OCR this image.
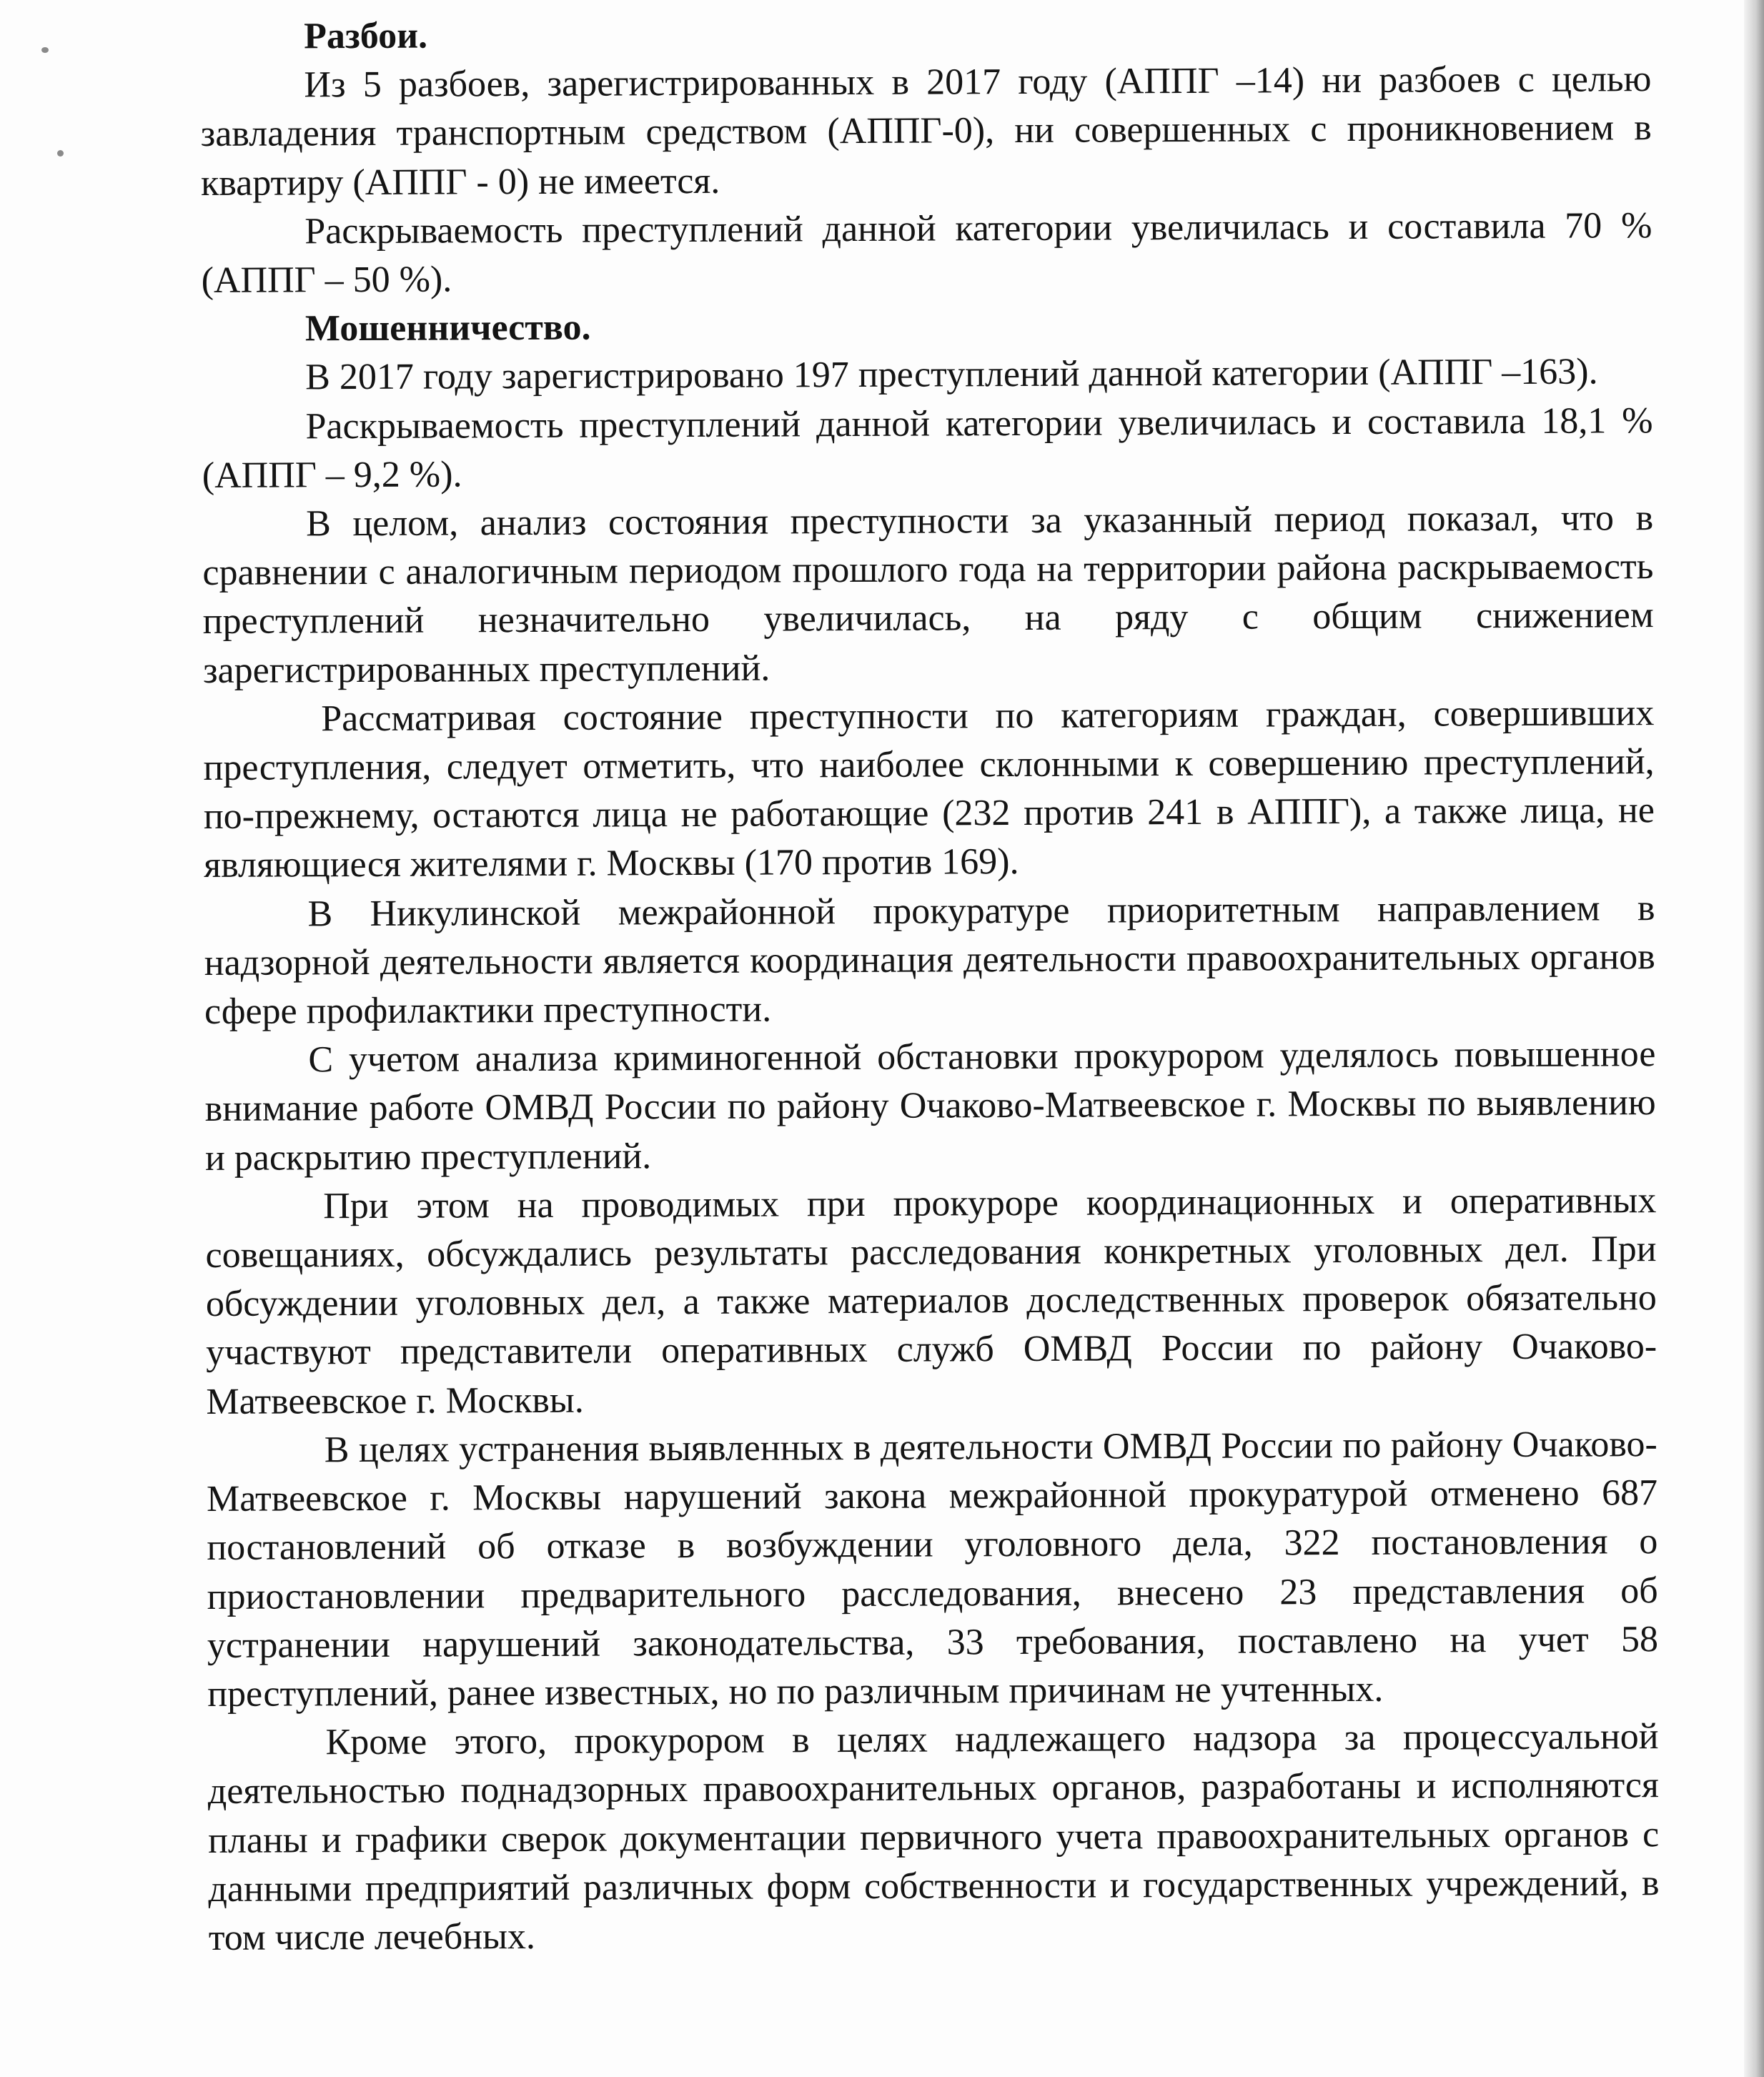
Разбои.

Из 5 разбоев, зарегистрированных в 2017 году (АППГ –14) ни разбоев с целью завладения транспортным средством (АППГ-0), ни совершенных с проникновением в квартиру (АППГ - 0) не имеется.

Раскрываемость преступлений данной категории увеличилась и составила 70 % (АППГ – 50 %).

Мошенничество.

В 2017 году зарегистрировано 197 преступлений данной категории (АППГ –163).

Раскрываемость преступлений данной категории увеличилась и составила 18,1 % (АППГ – 9,2 %).

В целом, анализ состояния преступности за указанный период показал, что в сравнении с аналогичным периодом прошлого года на территории района раскрываемость преступлений незначительно увеличилась, на ряду с общим снижением зарегистрированных преступлений.

Рассматривая состояние преступности по категориям граждан, совершивших преступления, следует отметить, что наиболее склонными к совершению преступлений, по-прежнему, остаются лица не работающие (232 против 241 в АППГ), а также лица, не являющиеся жителями г. Москвы (170 против 169).

В Никулинской межрайонной прокуратуре приоритетным направлением в надзорной деятельности является координация деятельности правоохранительных органов сфере профилактики преступности.

С учетом анализа криминогенной обстановки прокурором уделялось повышенное внимание работе ОМВД России по району Очаково-Матвеевское г. Москвы по выявлению и раскрытию преступлений.

При этом на проводимых при прокуроре координационных и оперативных совещаниях, обсуждались результаты расследования конкретных уголовных дел. При обсуждении уголовных дел, а также материалов доследственных проверок обязательно участвуют представители оперативных служб ОМВД России по району Очаково-Матвеевское г. Москвы.

В целях устранения выявленных в деятельности ОМВД России по району Очаково-Матвеевское г. Москвы нарушений закона межрайонной прокуратурой отменено 687 постановлений об отказе в возбуждении уголовного дела, 322 постановления о приостановлении предварительного расследования, внесено 23 представления об устранении нарушений законодательства, 33 требования, поставлено на учет 58 преступлений, ранее известных, но по различным причинам не учтенных.

Кроме этого, прокурором в целях надлежащего надзора за процессуальной деятельностью поднадзорных правоохранительных органов, разработаны и исполняются планы и графики сверок документации первичного учета правоохранительных органов с данными предприятий различных форм собственности и государственных учреждений, в том числе лечебных.
